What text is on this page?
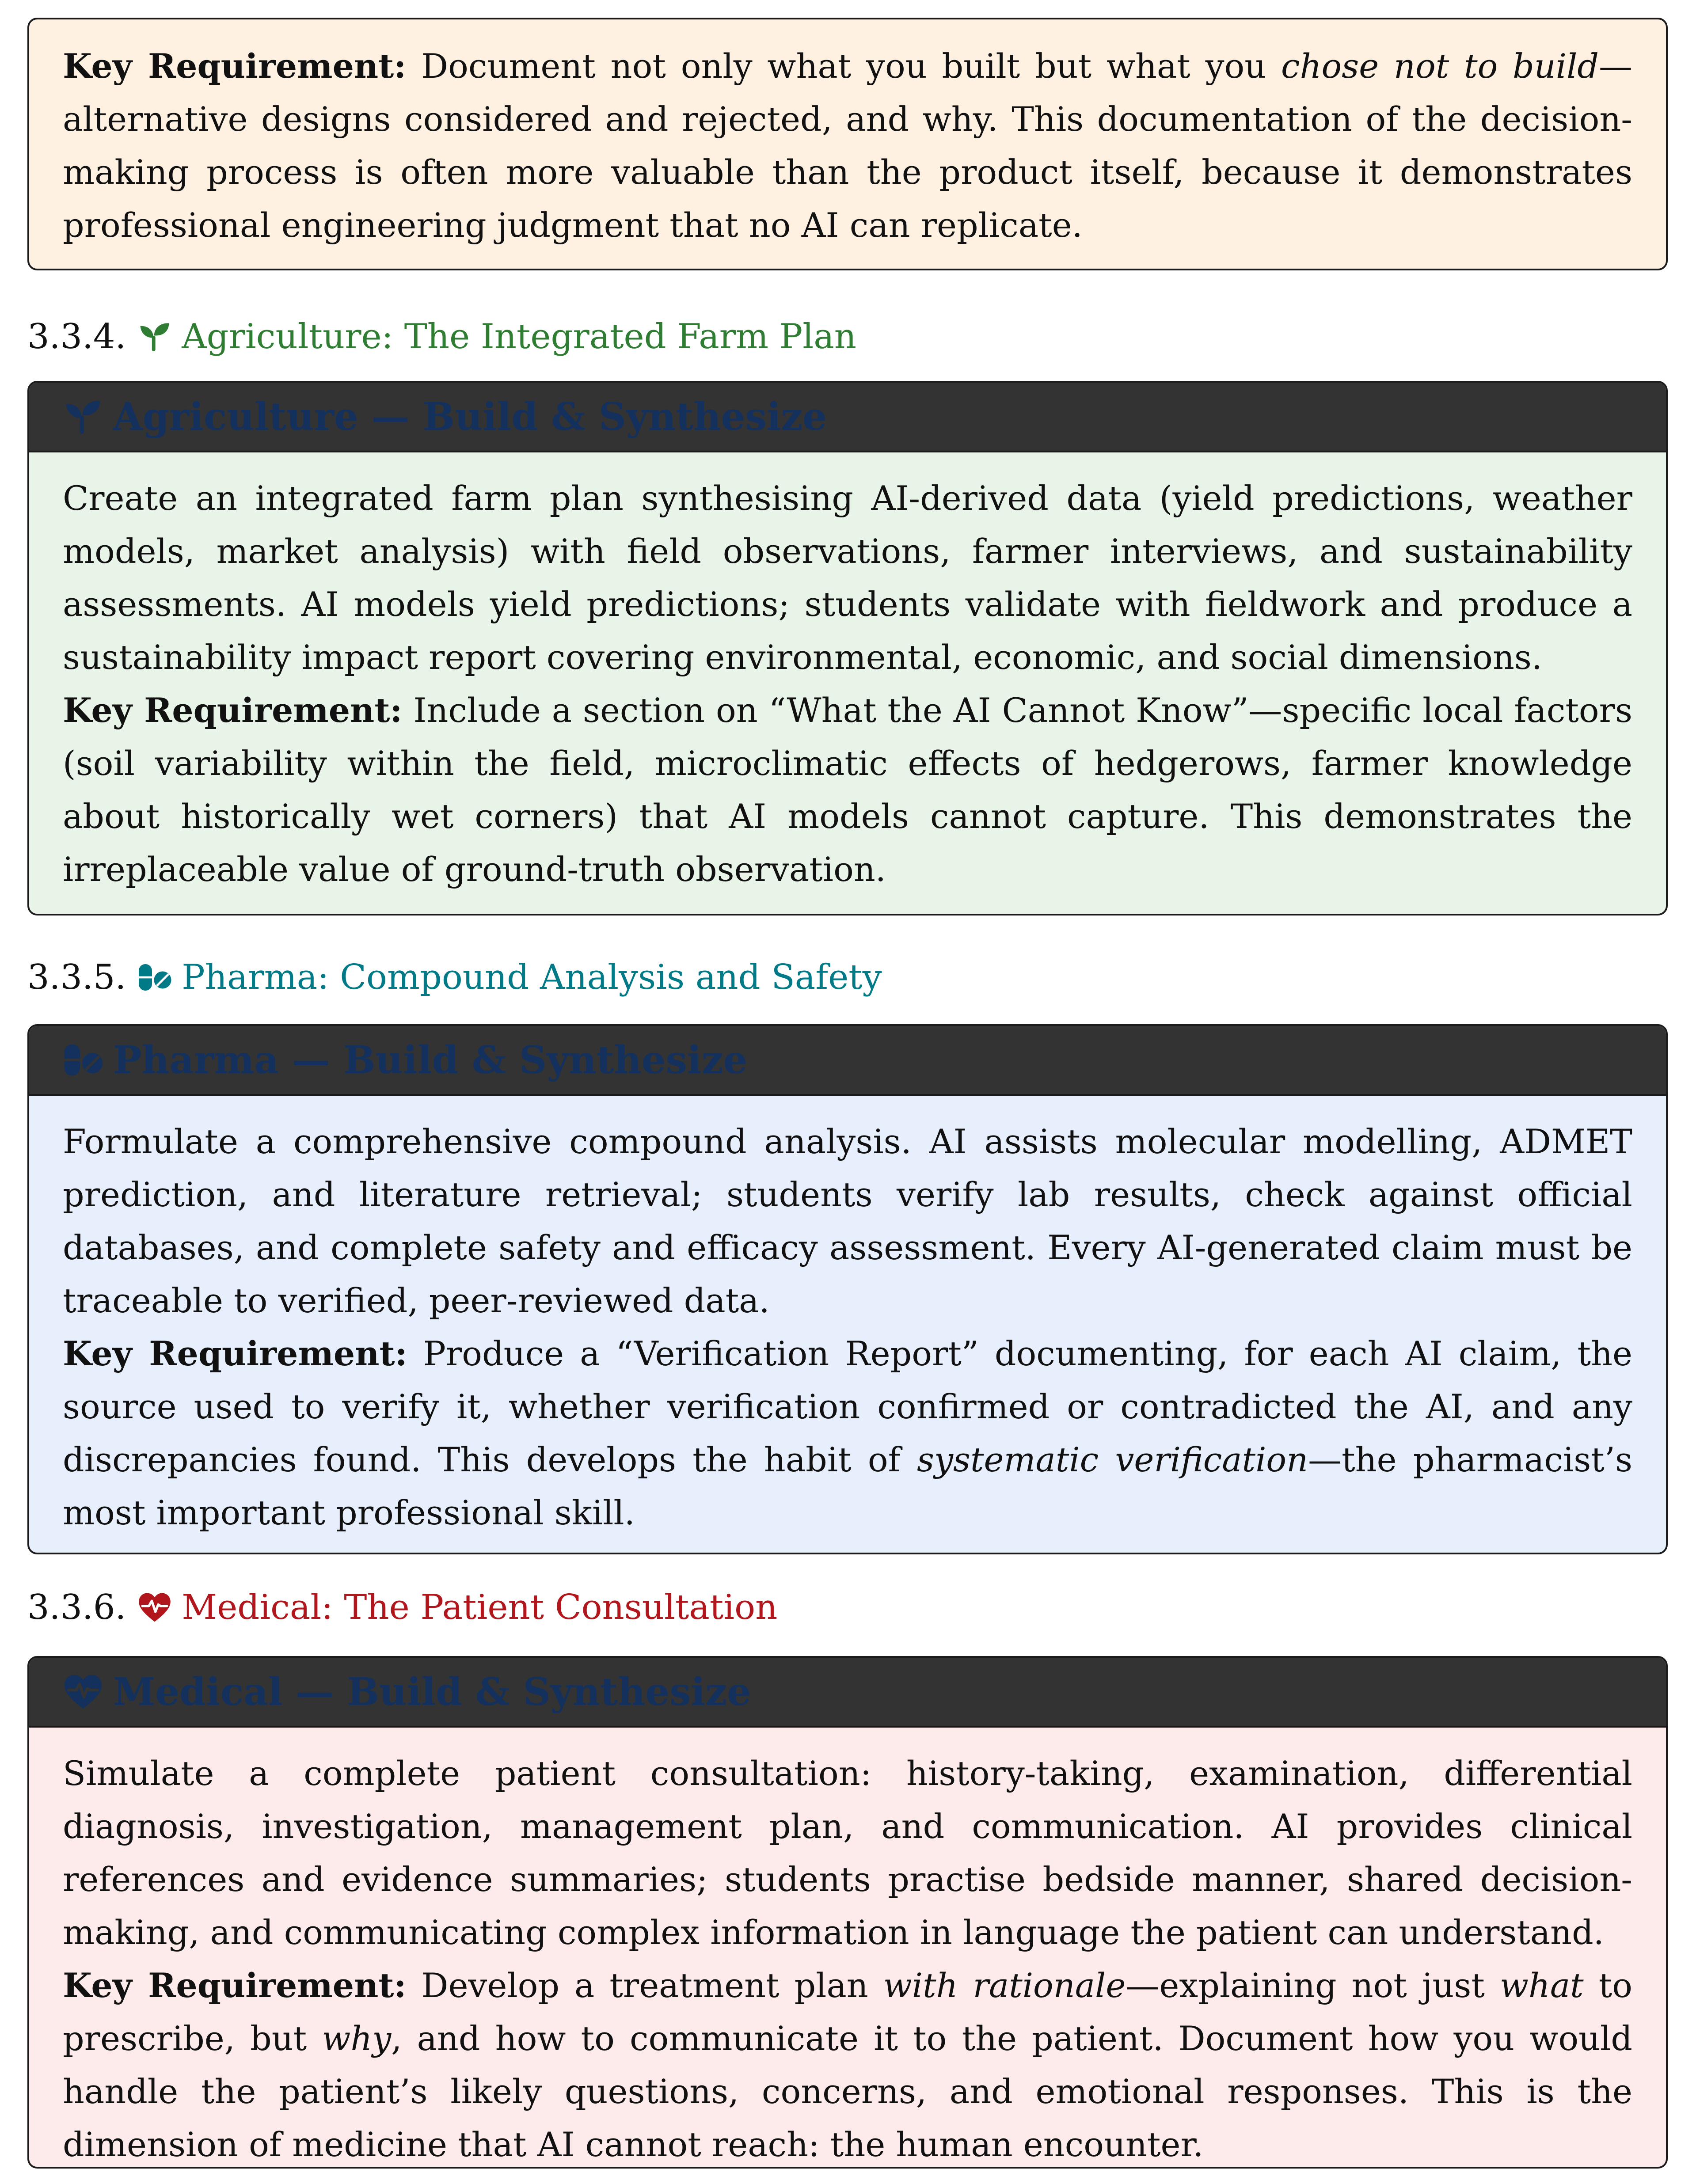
Key Requirement: Document not only what you built but what you chose not to build—alternative designs considered and rejected, and why. This documentation of the decision-making process is often more valuable than the product itself, because it demonstrates professional engineering judgment that no AI can replicate.

3.3.4. Agriculture: The Integrated Farm Plan
Agriculture — Build & Synthesize

Create an integrated farm plan synthesising AI-derived data (yield predictions, weather models, market analysis) with field observations, farmer interviews, and sustainability assessments. AI models yield predictions; students validate with fieldwork and produce a sustainability impact report covering environmental, economic, and social dimensions.

Key Requirement: Include a section on “What the AI Cannot Know”—specific local factors (soil variability within the field, microclimatic effects of hedgerows, farmer knowledge about historically wet corners) that AI models cannot capture. This demonstrates the irreplaceable value of ground-truth observation.

3.3.5. Pharma: Compound Analysis and Safety
Pharma — Build & Synthesize

Formulate a comprehensive compound analysis. AI assists molecular modelling, ADMET prediction, and literature retrieval; students verify lab results, check against official databases, and complete safety and efficacy assessment. Every AI-generated claim must be traceable to verified, peer-reviewed data.

Key Requirement: Produce a “Verification Report” documenting, for each AI claim, the source used to verify it, whether verification confirmed or contradicted the AI, and any discrepancies found. This develops the habit of systematic verification—the pharmacist’s most important professional skill.

3.3.6. Medical: The Patient Consultation
Medical — Build & Synthesize

Simulate a complete patient consultation: history-taking, examination, differential diagnosis, investigation, management plan, and communication. AI provides clinical references and evidence summaries; students practise bedside manner, shared decision-making, and communicating complex information in language the patient can understand.

Key Requirement: Develop a treatment plan with rationale—explaining not just what to prescribe, but why, and how to communicate it to the patient. Document how you would handle the patient’s likely questions, concerns, and emotional responses. This is the dimension of medicine that AI cannot reach: the human encounter.
